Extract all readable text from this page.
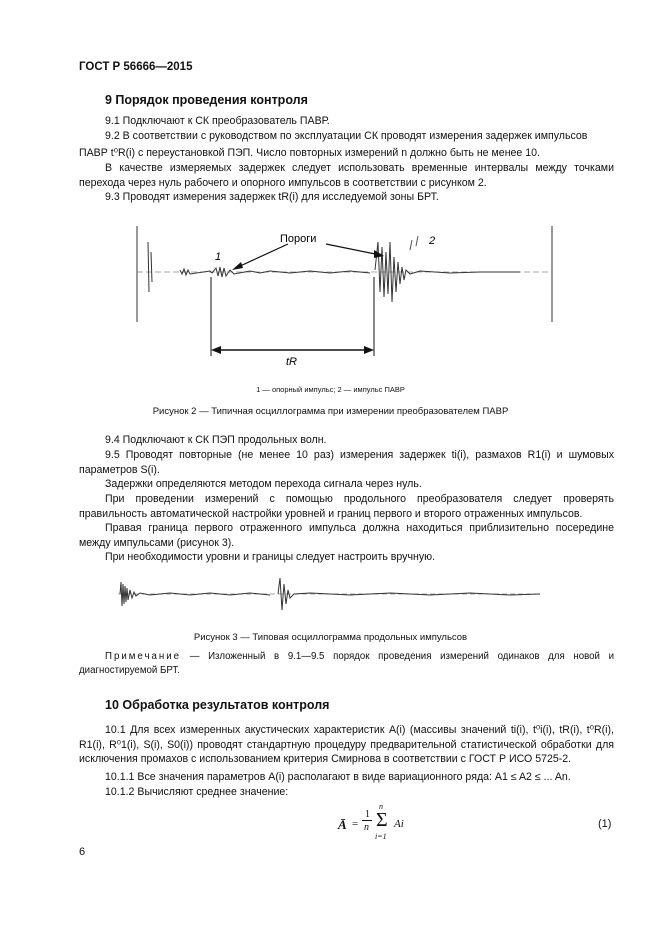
ГОСТ Р 56666—2015
9 Порядок проведения контроля
9.1 Подключают к СК преобразователь ПАВР.
9.2 В соответствии с руководством по эксплуатации СК проводят измерения задержек импульсов
ПАВР t⁰R(i) с переустановкой ПЭП. Число повторных измерений n должно быть не менее 10.
В качестве измеряемых задержек следует использовать временные интервалы между точками перехода через нуль рабочего и опорного импульсов в соответствии с рисунком 2.
9.3 Проводят измерения задержек tR(i) для исследуемой зоны БРТ.
Пороги
1
2
tR
1 — опорный импульс; 2 — импульс ПАВР
Рисунок 2 — Типичная осциллограмма при измерении преобразователем ПАВР
9.4 Подключают к СК ПЭП продольных волн.
9.5 Проводят повторные (не менее 10 раз) измерения задержек ti(i), размахов R1(i) и шумовых параметров S(i).
Задержки определяются методом перехода сигнала через нуль.
При проведении измерений с помощью продольного преобразователя следует проверять правильность автоматической настройки уровней и границ первого и второго отраженных импульсов.
Правая граница первого отраженного импульса должна находиться приблизительно посередине между импульсами (рисунок 3).
При необходимости уровни и границы следует настроить вручную.
Рисунок 3 — Типовая осциллограмма продольных импульсов
Примечание — Изложенный в 9.1—9.5 порядок проведения измерений одинаков для новой и диагностируемой БРТ.
10 Обработка результатов контроля
10.1 Для всех измеренных акустических характеристик A(i) (массивы значений ti(i), t⁰i(i), tR(i), t⁰R(i), R1(i), R⁰1(i), S(i), S0(i)) проводят стандартную процедуру предварительной статистической обработки для исключения промахов с использованием критерия Смирнова в соответствии с ГОСТ Р ИСО 5725-2.
10.1.1 Все значения параметров A(i) располагают в виде вариационного ряда: A1 ≤ A2 ≤ ... An.
10.1.2 Вычисляют среднее значение:
Ā =
1
n
n
Σ
i=1
Ai	(1)
6
